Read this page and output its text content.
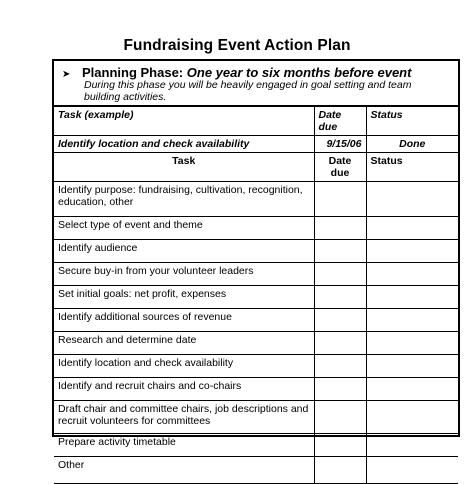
Fundraising Event Action Plan
➤ Planning Phase: One year to six months before event
During this phase you will be heavily engaged in goal setting and team building activities.
Task (example)	Date due	Status
Identify location and check availability	9/15/06	Done
Task	Date due	Status
Identify purpose: fundraising, cultivation, recognition, education, other		
Select type of event and theme		
Identify audience		
Secure buy-in from your volunteer leaders		
Set initial goals: net profit, expenses		
Identify additional sources of revenue		
Research and determine date		
Identify location and check availability		
Identify and recruit chairs and co-chairs		
Draft chair and committee chairs, job descriptions and recruit volunteers for committees		
Prepare activity timetable		
Other		
